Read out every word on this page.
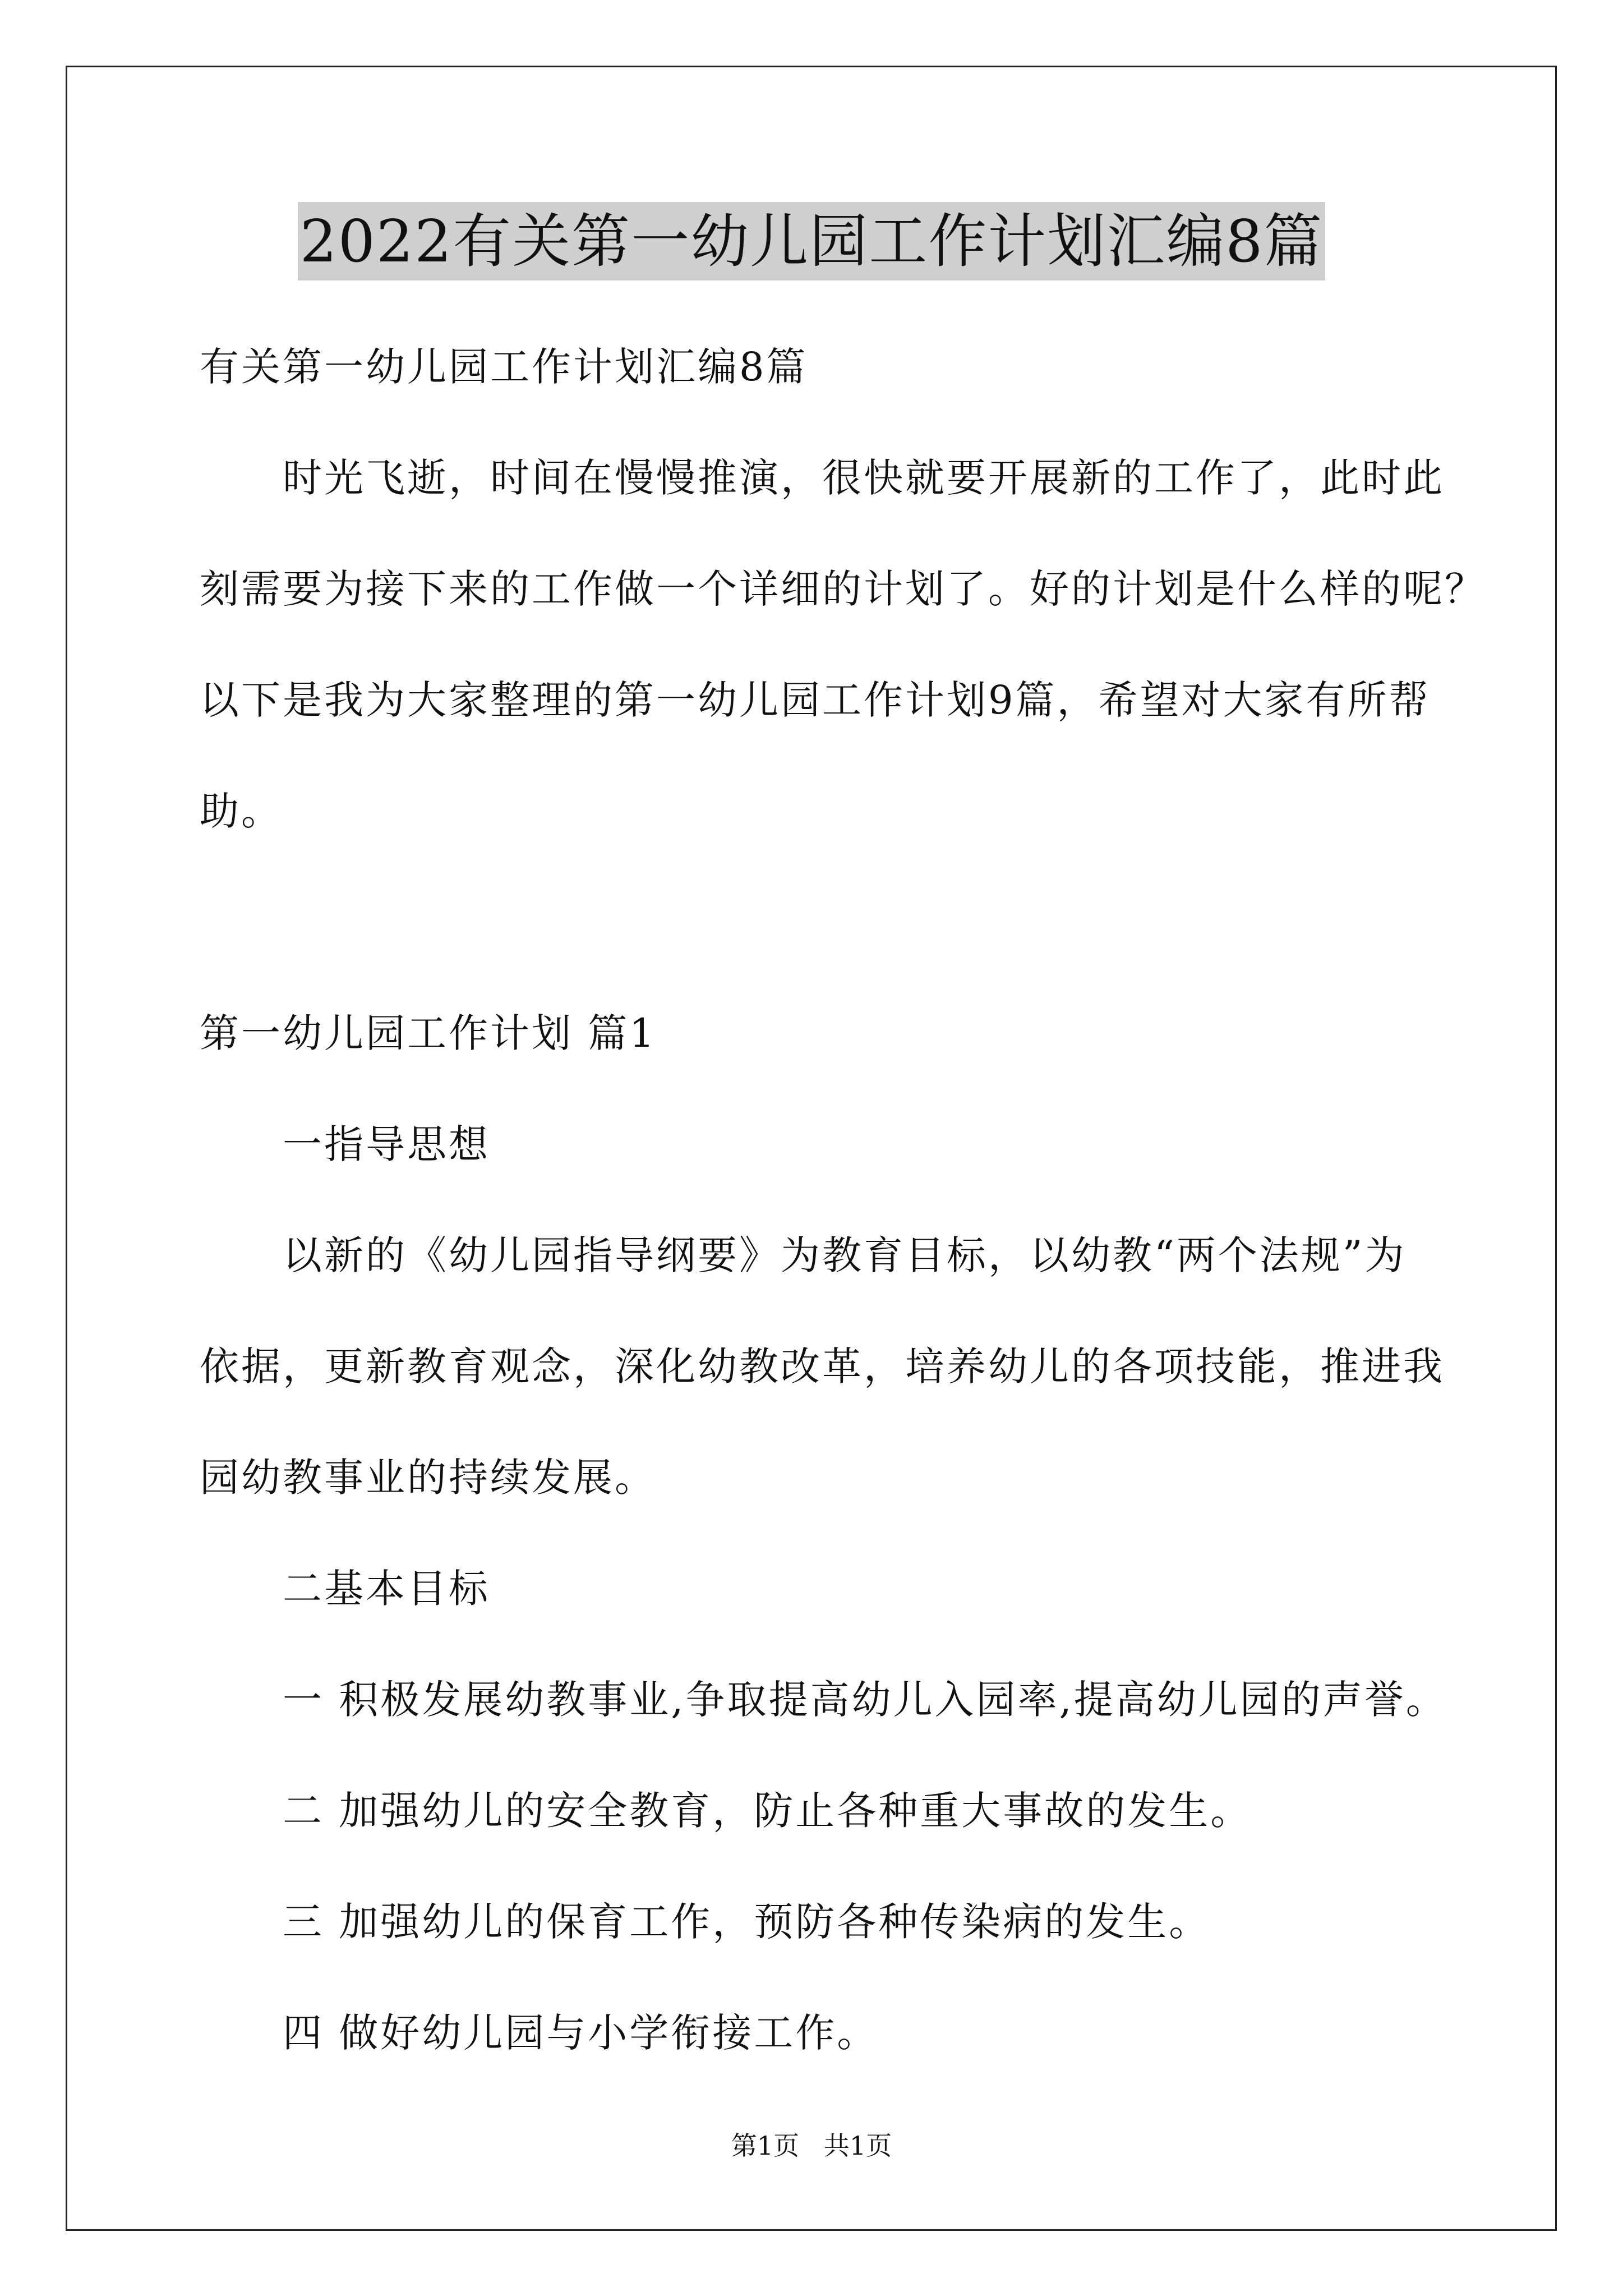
2022有关第一幼儿园工作计划汇编8篇
有关第一幼儿园工作计划汇编8篇
时光飞逝，时间在慢慢推演，很快就要开展新的工作了，此时此
刻需要为接下来的工作做一个详细的计划了。好的计划是什么样的呢？
以下是我为大家整理的第一幼儿园工作计划9篇，希望对大家有所帮
助。
第一幼儿园工作计划 篇1
一指导思想
以新的《幼儿园指导纲要》为教育目标，以幼教“两个法规”为
依据，更新教育观念，深化幼教改革，培养幼儿的各项技能，推进我
园幼教事业的持续发展。
二基本目标
一 积极发展幼教事业,争取提高幼儿入园率,提高幼儿园的声誉。
二 加强幼儿的安全教育，防止各种重大事故的发生。
三 加强幼儿的保育工作，预防各种传染病的发生。
四 做好幼儿园与小学衔接工作。
第1页   共1页
